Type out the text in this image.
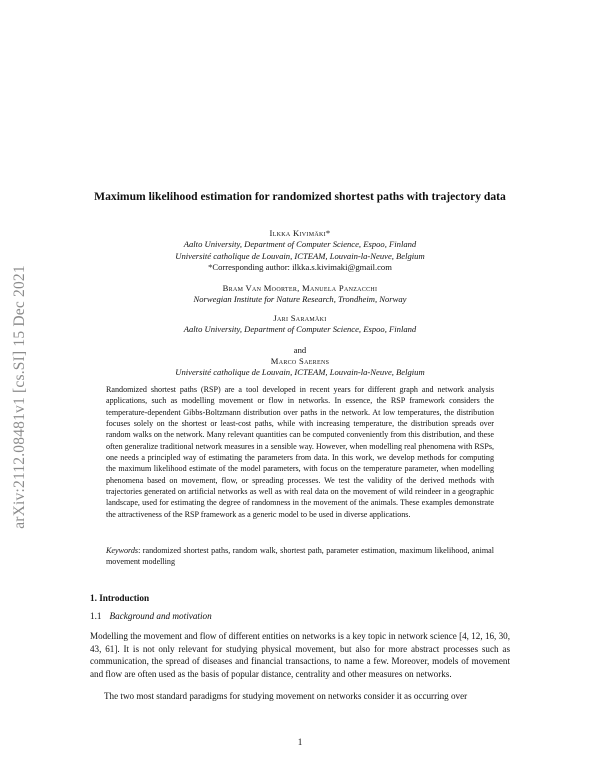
arXiv:2112.08481v1 [cs.SI] 15 Dec 2021
Maximum likelihood estimation for randomized shortest paths with trajectory data
Ilkka Kivimäki*
Aalto University, Department of Computer Science, Espoo, Finland
Université catholique de Louvain, ICTEAM, Louvain-la-Neuve, Belgium
*Corresponding author: ilkka.s.kivimaki@gmail.com
Bram Van Moorter, Manuela Panzacchi
Norwegian Institute for Nature Research, Trondheim, Norway
Jari Saramäki
Aalto University, Department of Computer Science, Espoo, Finland
and
Marco Saerens
Université catholique de Louvain, ICTEAM, Louvain-la-Neuve, Belgium
Randomized shortest paths (RSP) are a tool developed in recent years for different graph and network analysis applications, such as modelling movement or flow in networks. In essence, the RSP framework considers the temperature-dependent Gibbs-Boltzmann distribution over paths in the network. At low temperatures, the distribution focuses solely on the shortest or least-cost paths, while with increasing temperature, the distribution spreads over random walks on the network. Many relevant quantities can be computed conveniently from this distribution, and these often generalize traditional network measures in a sensible way. However, when modelling real phenomena with RSPs, one needs a principled way of estimating the parameters from data. In this work, we develop methods for computing the maximum likelihood estimate of the model parameters, with focus on the temperature parameter, when modelling phenomena based on movement, flow, or spreading processes. We test the validity of the derived methods with trajectories generated on artificial networks as well as with real data on the movement of wild reindeer in a geographic landscape, used for estimating the degree of randomness in the movement of the animals. These examples demonstrate the attractiveness of the RSP framework as a generic model to be used in diverse applications.
Keywords: randomized shortest paths, random walk, shortest path, parameter estimation, maximum likelihood, animal movement modelling
1. Introduction
1.1 Background and motivation
Modelling the movement and flow of different entities on networks is a key topic in network science [4, 12, 16, 30, 43, 61]. It is not only relevant for studying physical movement, but also for more abstract processes such as communication, the spread of diseases and financial transactions, to name a few. Moreover, models of movement and flow are often used as the basis of popular distance, centrality and other measures on networks.
The two most standard paradigms for studying movement on networks consider it as occurring over
1
